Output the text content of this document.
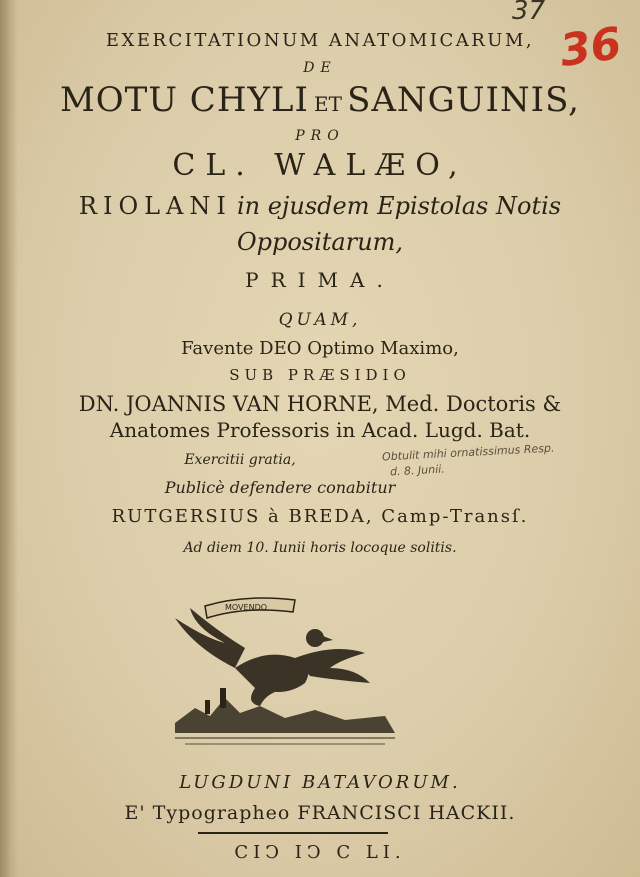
37
36
EXERCITATIONUM ANATOMICARUM,
DE
MOTU CHYLI ET SANGUINIS,
PRO
CL. WALÆO,
RIOLANI in ejusdem Epistolas Notis
Oppositarum,
PRIMA.
QUAM,
Favente DEO Optimo Maximo,
SUB PRÆSIDIO
DN. JOANNIS VAN HORNE, Med. Doctoris &
Anatomes Professoris in Acad. Lugd. Bat.
Exercitii gratia,	Obtulit mihi ornatissimus Resp.
d. 8. Junii.
Publicè defendere conabitur
RUTGERSIUS à BREDA, Camp-Transſ.
Ad diem 10. Iunii horis locoque solitis.
MOVENDO
LUGDUNI BATAVORUM.
E' Typographeo FRANCISCI HACKII.
CIↃ IↃ C LI.
